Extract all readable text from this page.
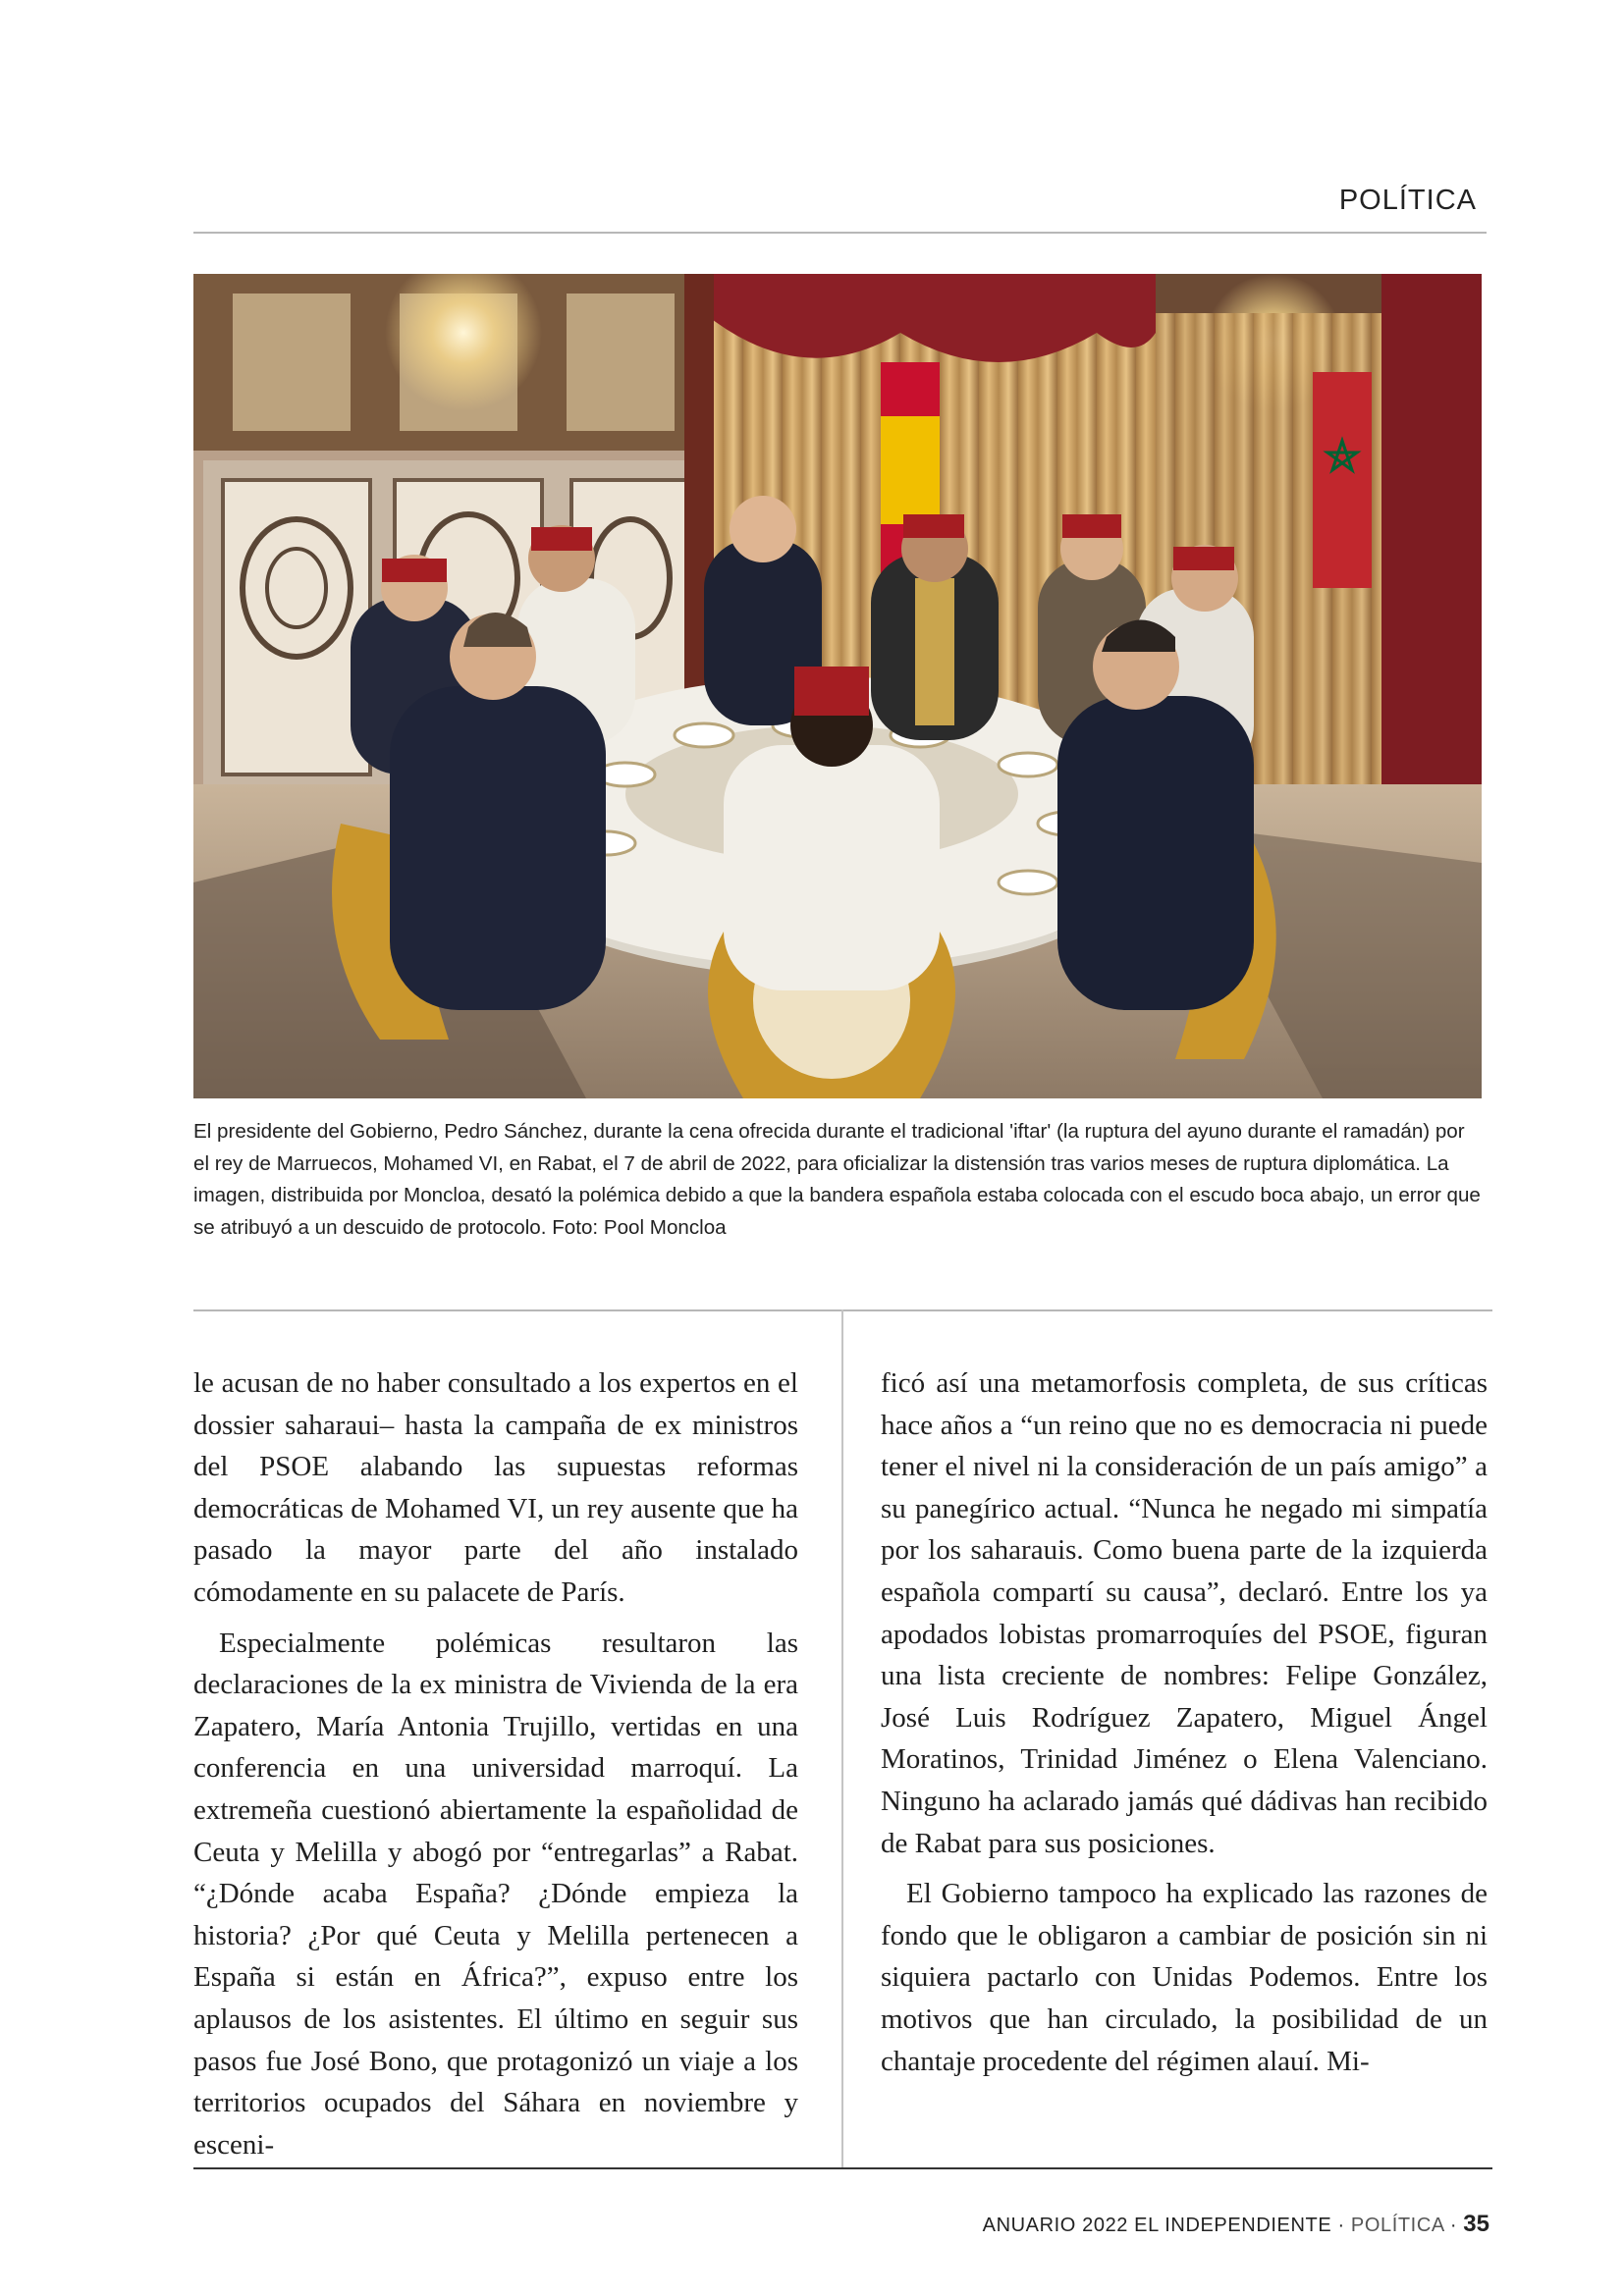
POLÍTICA
El presidente del Gobierno, Pedro Sánchez, durante la cena ofrecida durante el tradicional 'iftar' (la ruptura del ayuno durante el ramadán) por el rey de Marruecos, Mohamed VI, en Rabat, el 7 de abril de 2022, para oficializar la distensión tras varios meses de ruptura diplomática. La imagen, distribuida por Moncloa, desató la polémica debido a que la bandera española estaba colocada con el escudo boca abajo, un error que se atribuyó a un descuido de protocolo. Foto: Pool Moncloa

le acusan de no haber consultado a los expertos en el dossier saharaui– hasta la campaña de ex ministros del PSOE alabando las supuestas reformas democráticas de Mohamed VI, un rey ausente que ha pasado la mayor parte del año instalado cómodamente en su palacete de París.

Especialmente polémicas resultaron las declaraciones de la ex ministra de Vivienda de la era Zapatero, María Antonia Trujillo, vertidas en una conferencia en una universidad marroquí. La extremeña cuestionó abiertamente la españolidad de Ceuta y Melilla y abogó por “entregarlas” a Rabat. “¿Dónde acaba España? ¿Dónde empieza la historia? ¿Por qué Ceuta y Melilla pertenecen a España si están en África?”, expuso entre los aplausos de los asistentes. El último en seguir sus pasos fue José Bono, que protagonizó un viaje a los territorios ocupados del Sáhara en noviembre y esceni-

ficó así una metamorfosis completa, de sus críticas hace años a “un reino que no es democracia ni puede tener el nivel ni la consideración de un país amigo” a su panegírico actual. “Nunca he negado mi simpatía por los saharauis. Como buena parte de la izquierda española compartí su causa”, declaró. Entre los ya apodados lobistas promarroquíes del PSOE, figuran una lista creciente de nombres: Felipe González, José Luis Rodríguez Zapatero, Miguel Ángel Moratinos, Trinidad Jiménez o Elena Valenciano. Ninguno ha aclarado jamás qué dádivas han recibido de Rabat para sus posiciones.

El Gobierno tampoco ha explicado las razones de fondo que le obligaron a cambiar de posición sin ni siquiera pactarlo con Unidas Podemos. Entre los motivos que han circulado, la posibilidad de un chantaje procedente del régimen alauí. Mi-

ANUARIO 2022 EL INDEPENDIENTE · POLÍTICA · 35
